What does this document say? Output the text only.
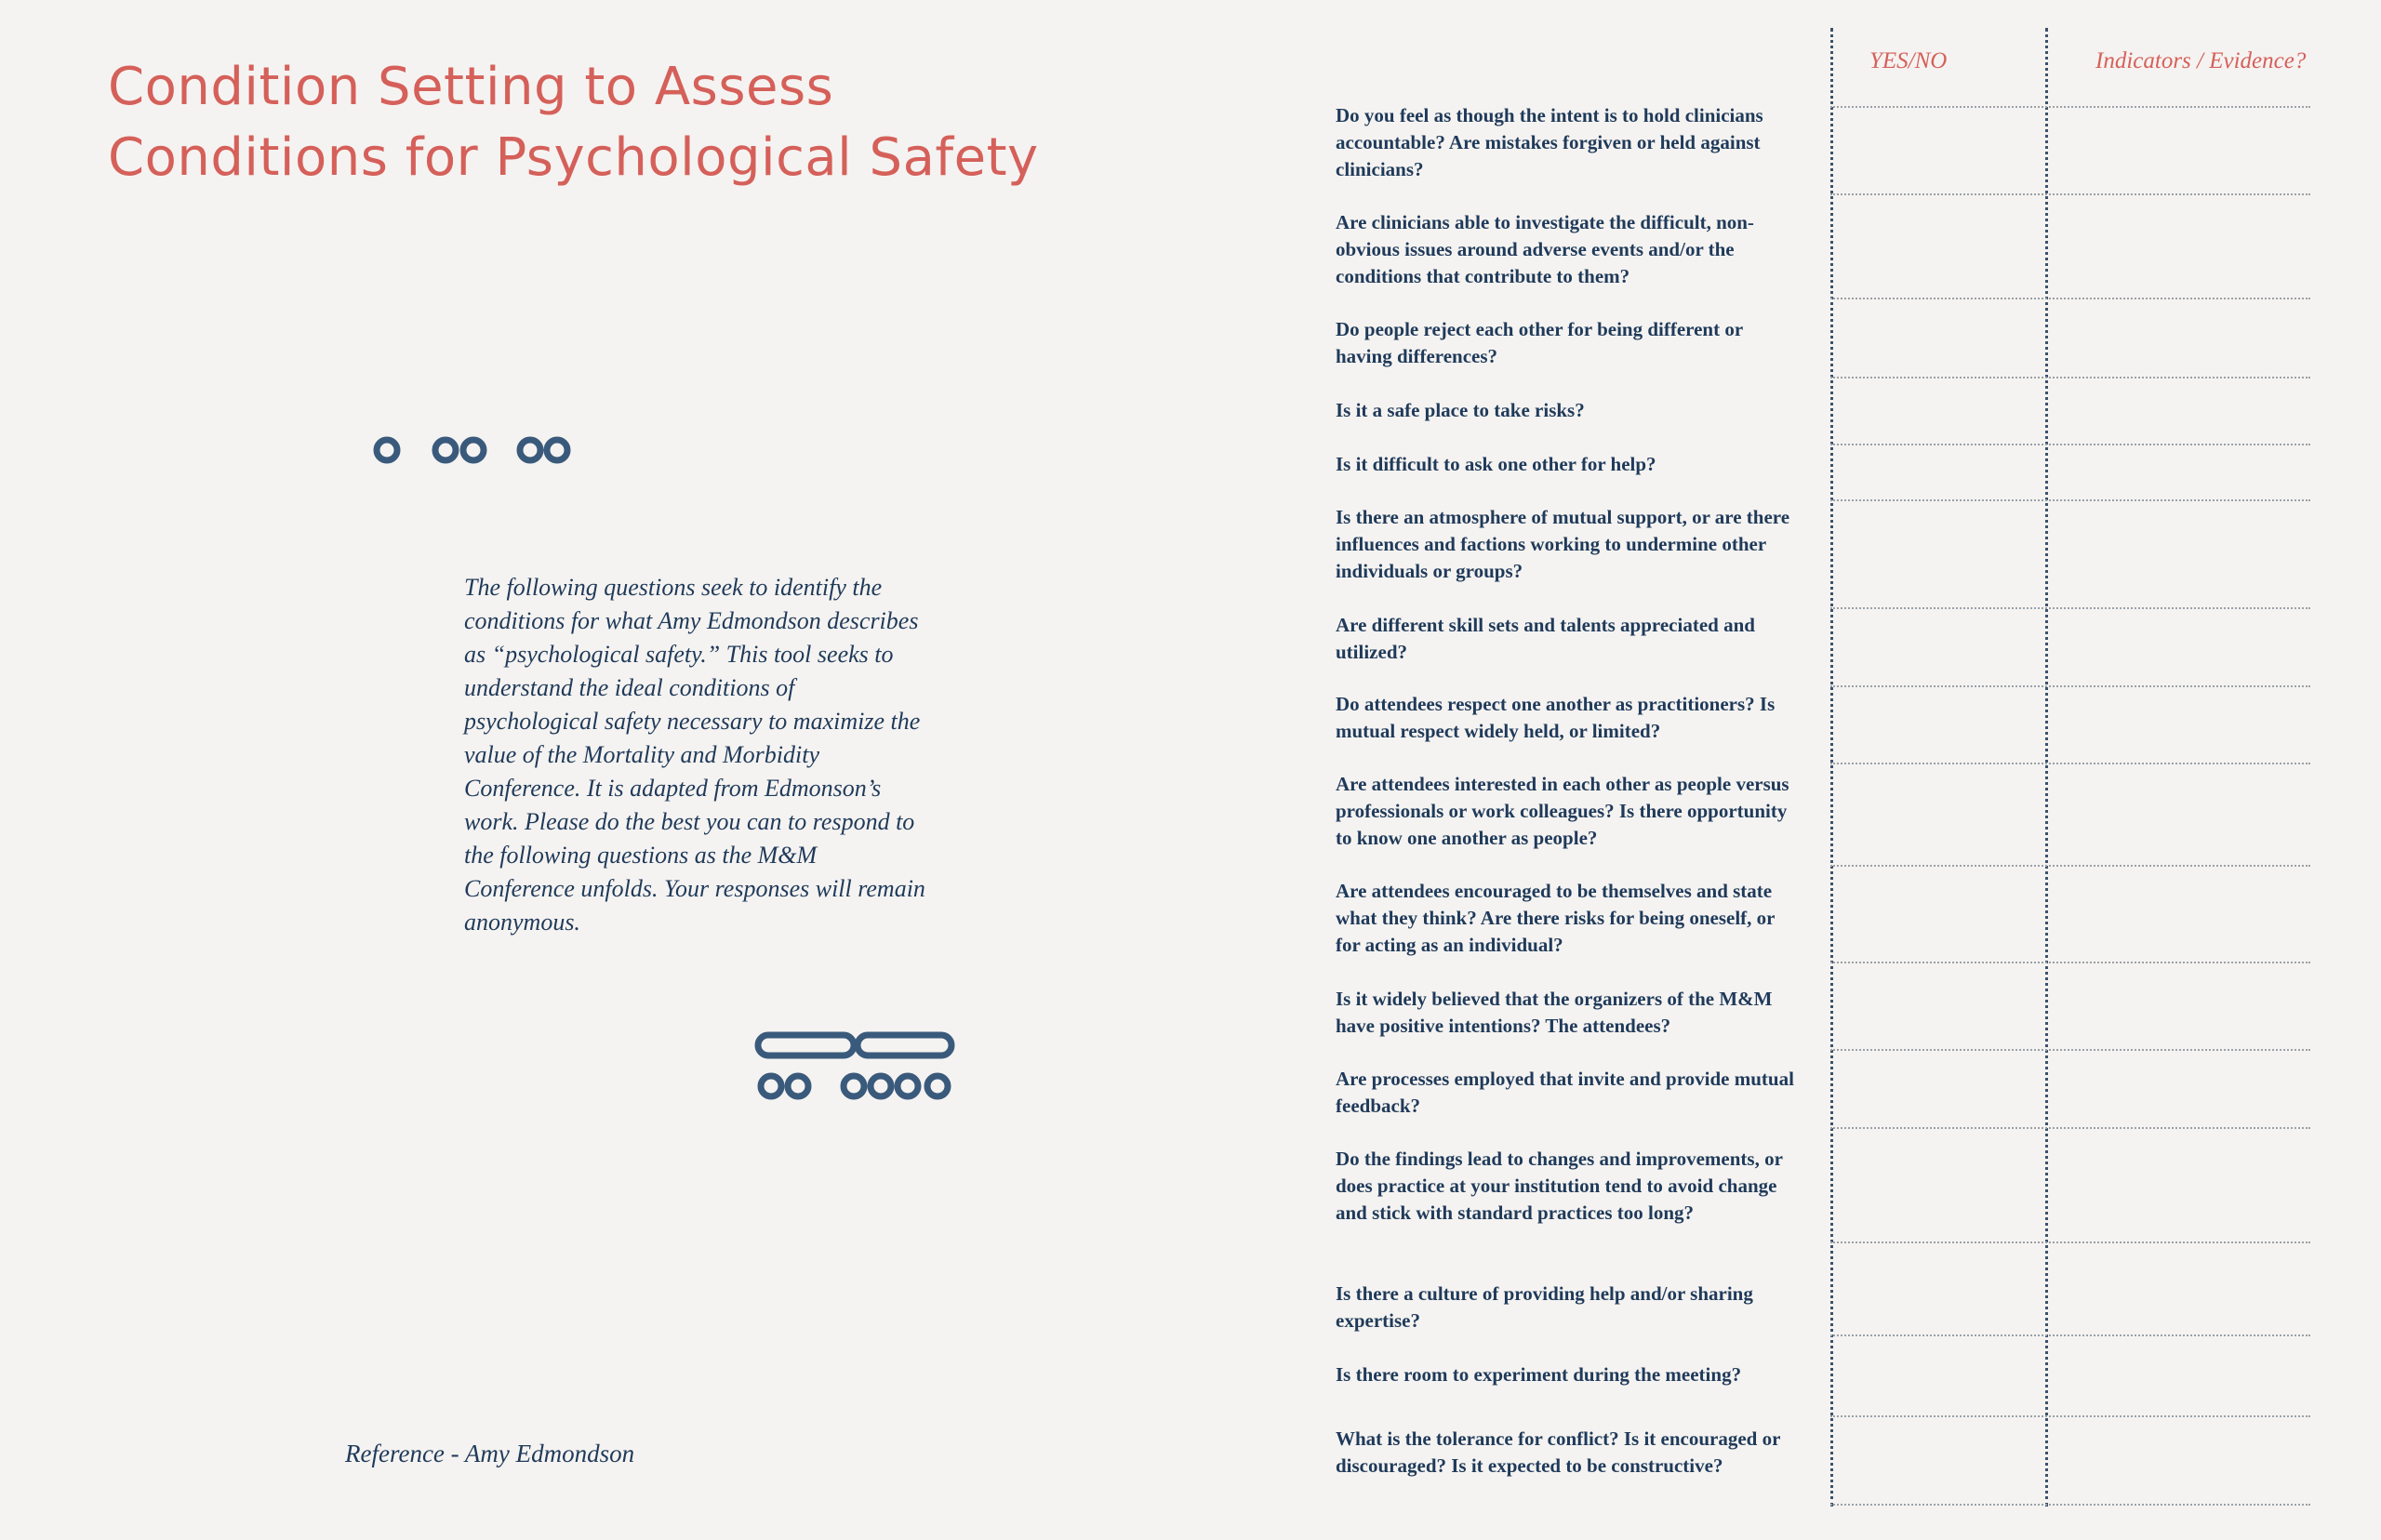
Condition Setting to Assess
Conditions for Psychological Safety

The following questions seek to identify the conditions for what Amy Edmondson describes as “psychological safety.” This tool seeks to understand the ideal conditions of psychological safety necessary to maximize the value of the Mortality and Morbidity Conference. It is adapted from Edmonson’s work. Please do the best you can to respond to the following questions as the M&M Conference unfolds. Your responses will remain anonymous.

Reference - Amy Edmondson
YES/NO	Indicators / Evidence?
Do you feel as though the intent is to hold clinicians accountable? Are mistakes forgiven or held against clinicians?
Are clinicians able to investigate the difficult, non-obvious issues around adverse events and/or the conditions that contribute to them?
Do people reject each other for being different or having differences?
Is it a safe place to take risks?
Is it difficult to ask one other for help?
Is there an atmosphere of mutual support, or are there influences and factions working to undermine other individuals or groups?
Are different skill sets and talents appreciated and utilized?
Do attendees respect one another as practitioners? Is mutual respect widely held, or limited?
Are attendees interested in each other as people versus professionals or work colleagues? Is there opportunity to know one another as people?
Are attendees encouraged to be themselves and state what they think? Are there risks for being oneself, or for acting as an individual?
Is it widely believed that the organizers of the M&M have positive intentions? The attendees?
Are processes employed that invite and provide mutual feedback?
Do the findings lead to changes and improvements, or does practice at your institution tend to avoid change and stick with standard practices too long?
Is there a culture of providing help and/or sharing expertise?
Is there room to experiment during the meeting?
What is the tolerance for conflict? Is it encouraged or discouraged? Is it expected to be constructive?
